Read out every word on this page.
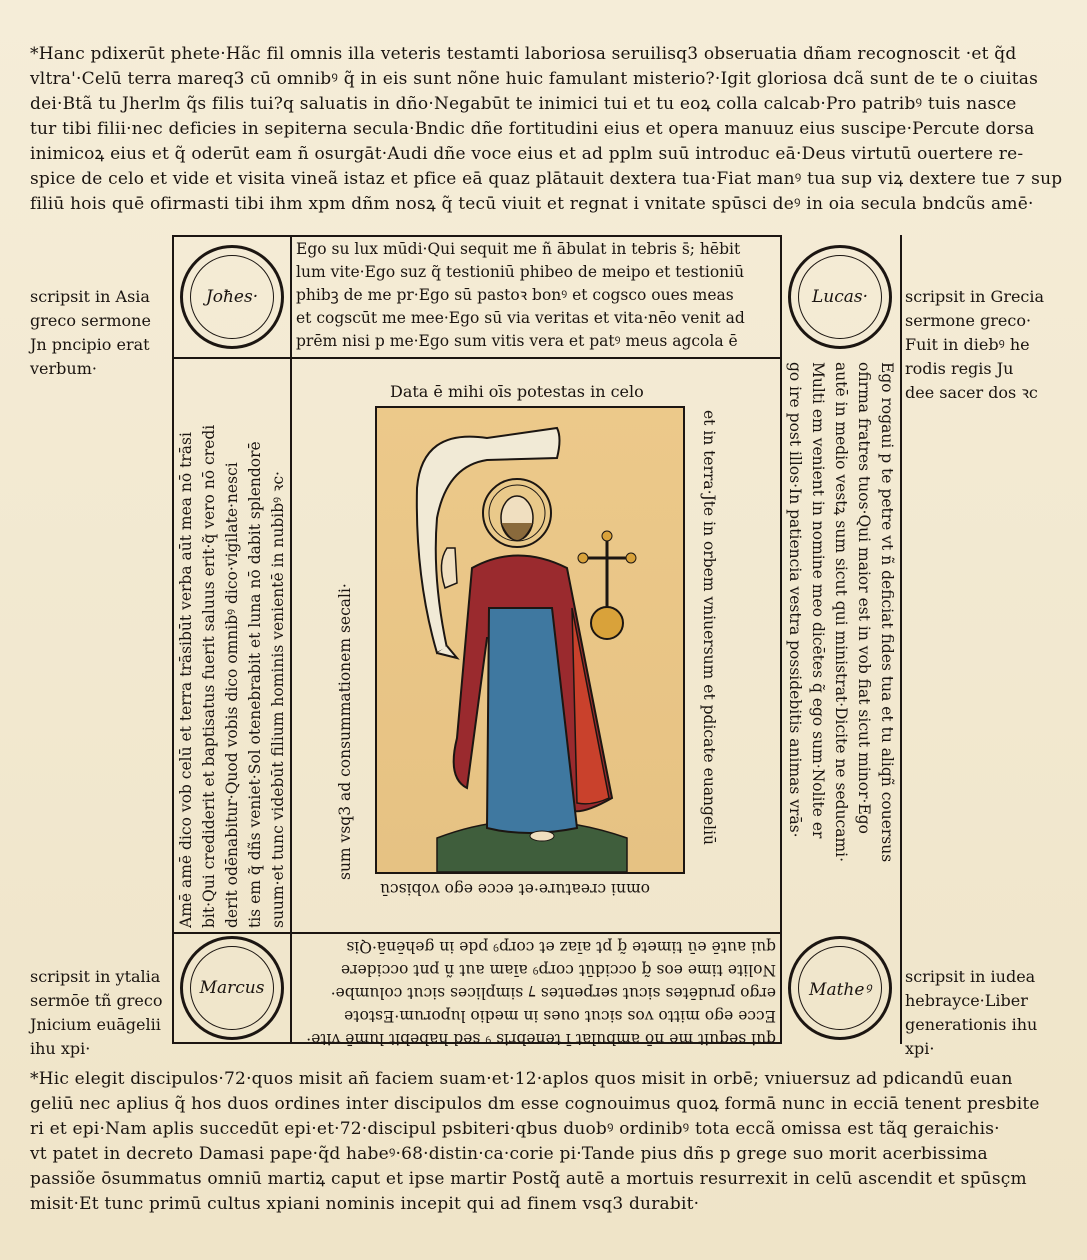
*Hanc pdixerūt phete·Hãc fil omnis illa veteris testamti laboriosa seruilisq3 obseruatia dñam recognoscit ·et q̃d
vltra'·Celū terra mareq3 cū omnibꝰ q̃ in eis sunt nõne huic famulant misterio?·Igit gloriosa dcã sunt de te o ciuitas
dei·Btã tu Jherlm q̃s filis tui?q saluatis in dño·Negabūt te inimici tui et tu eoꝝ colla calcab·Pro patribꝰ tuis nasce
tur tibi filii·nec deficies in sepiterna secula·Bndic dñe fortitudini eius et opera manuuz eius suscipe·Percute dorsa
inimicoꝝ eius et q̃ oderūt eam ñ osurgāt·Audi dñe voce eius et ad pplm suū introduc eā·Deus virtutū ouertere re-
spice de celo et vide et visita vineã istaz et pfice eā quaz plātauit dextera tua·Fiat manꝰ tua sup viꝝ dextere tue ⁊ sup
filiū hois quē ofirmasti tibi ihm xpm dñm nosꝝ q̃ tecū viuit et regnat i vnitate spūsci deꝰ in oia secula bndcũs amē·
Joħes·	Lucas·
Marcus	Matheꝰ
scripsit in Asia
greco sermone
Jn pncipio erat
verbum·
scripsit in Grecia
sermone greco·
Fuit in diebꝰ he
rodis regis Ju
dee sacer dos ꝛc
scripsit in ytalia
sermōe tñ greco
Jnicium euāgelii
ihu xpi·
scripsit in iudea
hebrayce·Liber
generationis ihu
xpi·
Ego su lux mūdi·Qui sequit me ñ ābulat in tebris s̄; hēbit
lum vite·Ego suz q̃ testioniū phibeo de meipo et testioniū
phibꝫ de me pr·Ego sū pastoꝛ bonꝰ et cogsco oues meas
et cogscūt me mee·Ego sū via veritas et vita·nēo venit ad
prēm nisi p me·Ego sum vitis vera et patꝰ meus agcola ē
qui sequit me nō ambulat ī tenebris ꝰ sed habebit lumē vite·
Ecce ego mitto vos sicut oues in medio luporum·Estote
ergo prudētes sicut serpentes ⁊ simplices sicut columbe·
Nolite time eos q̃ occidūt corpꝰ aīam aut ñ pnt occidere
qui autē eū timete q̃ pt aīaz et corpꝰ pde in gehēnā·Qis
Amē amē dico vob celū et terra trāsibūt verba aūt mea nō trāsi bit·Qui crediderit et baptisatus fuerit saluus erit·q̃ vero nō credi derit odēnabitur·Quod vobis dico omnibꝰ dico·vigilate·nesci tis em q̃ dñs veniet·Sol otenebrabit et luna nō dabit splendorē suum·et tunc videbūt filium hominis venientē in nubibꝰ ꝛc·	Ego rogaui p te petre vt ñ deficiat fides tua et tu aliqñ couersus
ofirma fratres tuos·Qui maior est in vob fiat sicut minor·Ego
autē in medio vestꝝ sum sicut qui ministrat·Dicite ne seducami·
Multi em venient in nomine meo dicētes q̃ ego sum·Nolite er
go ire post illos·In patiencia vestra possidebitis animas vrās·
Data ē mihi oīs potestas in celo
et in terra·Jte in orbem vniuersum et pdicate euangeliū
sum vsq3 ad consummationem secali·
omni creature·et ecce ego vobiscū
*Hic elegit discipulos·72·quos misit añ faciem suam·et·12·aplos quos misit in orbē; vniuersuz ad pdicandū euan
geliū nec aplius q̃ hos duos ordines inter discipulos dm esse cognouimus quoꝝ formā nunc in ecciā tenent presbite
ri et epi·Nam aplis succedūt epi·et·72·discipul psbiteri·qbus duobꝰ ordinibꝰ tota eccã omissa est tãq geraichis·
vt patet in decreto Damasi pape·q̃d habeꝰ·68·distin·ca·corie pi·Tande pius dñs p grege suo morit acerbissima
passiõe ōsummatus omniū martiꝝ caput et ipse martir Postq̃ autē a mortuis resurrexit in celū ascendit et spūsçm
misit·Et tunc primū cultus xpiani nominis incepit qui ad finem vsq3 durabit·
